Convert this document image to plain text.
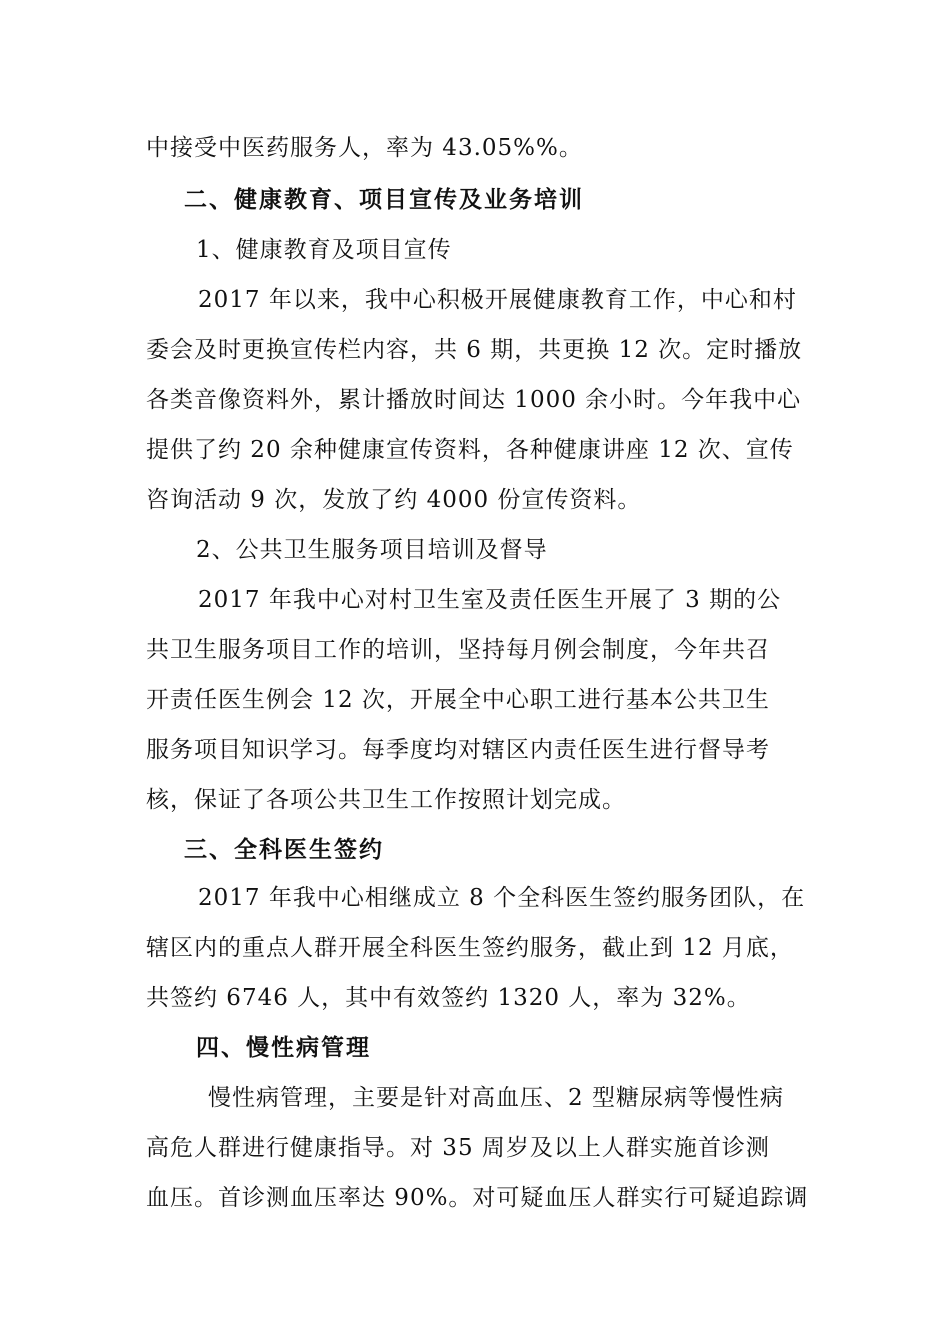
中接受中医药服务人，率为 43.05%%。
二、健康教育、项目宣传及业务培训
1、健康教育及项目宣传
2017 年以来，我中心积极开展健康教育工作，中心和村
委会及时更换宣传栏内容，共 6 期，共更换 12 次。定时播放
各类音像资料外，累计播放时间达 1000 余小时。今年我中心
提供了约 20 余种健康宣传资料，各种健康讲座 12 次、宣传
咨询活动 9 次，发放了约 4000 份宣传资料。
2、公共卫生服务项目培训及督导
2017 年我中心对村卫生室及责任医生开展了 3 期的公
共卫生服务项目工作的培训，坚持每月例会制度，今年共召
开责任医生例会 12 次，开展全中心职工进行基本公共卫生
服务项目知识学习。每季度均对辖区内责任医生进行督导考
核，保证了各项公共卫生工作按照计划完成。
三、全科医生签约
2017 年我中心相继成立 8 个全科医生签约服务团队，在
辖区内的重点人群开展全科医生签约服务，截止到 12 月底，
共签约 6746 人，其中有效签约 1320 人，率为 32%。
四、慢性病管理
慢性病管理，主要是针对高血压、2 型糖尿病等慢性病
高危人群进行健康指导。对 35 周岁及以上人群实施首诊测
血压。首诊测血压率达 90%。对可疑血压人群实行可疑追踪调
